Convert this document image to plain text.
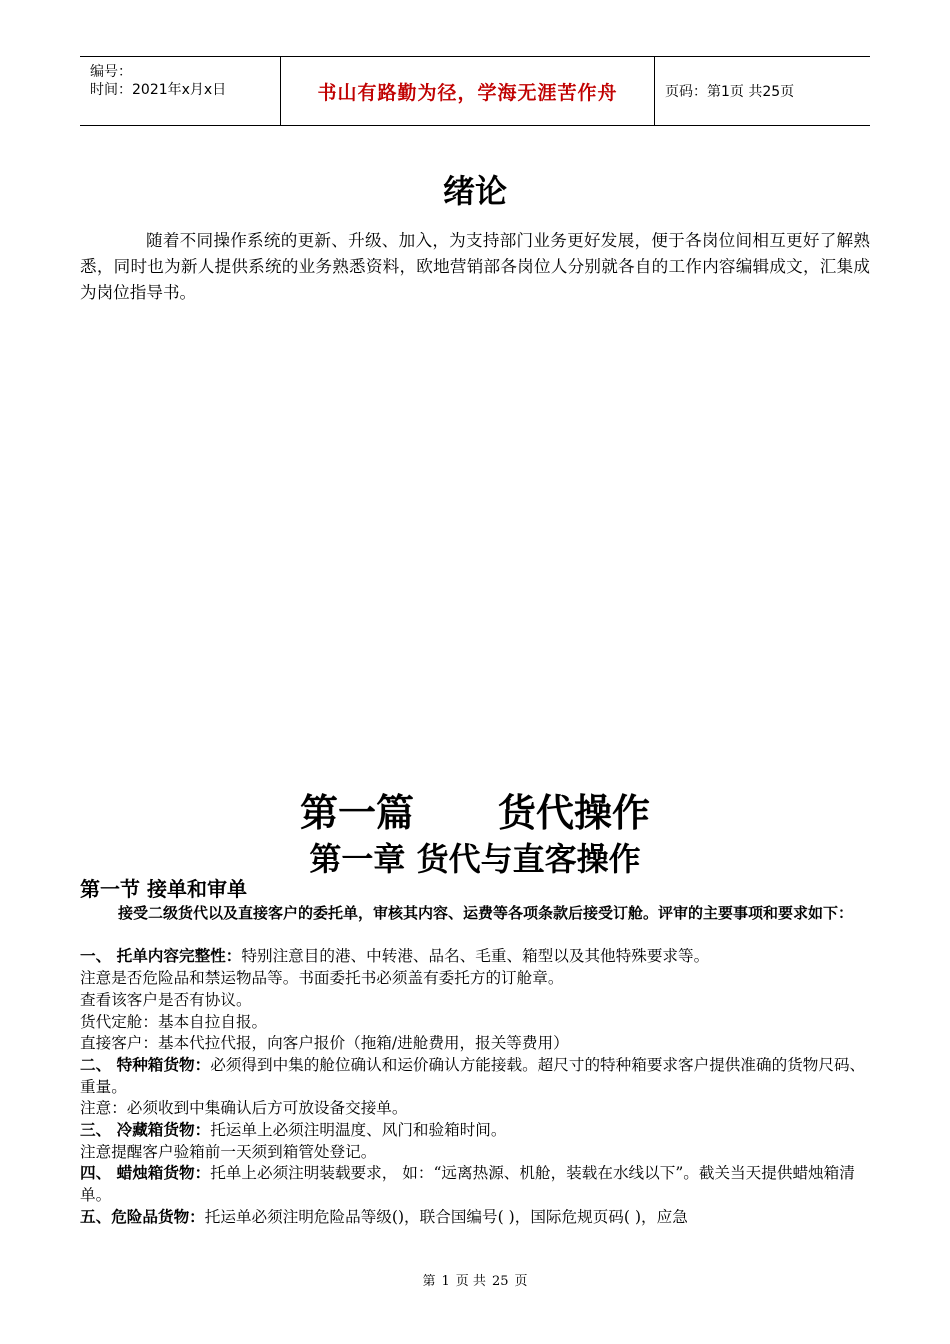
编号：
时间：2021年x月x日	书山有路勤为径，学海无涯苦作舟	页码：第1页 共25页
绪论
随着不同操作系统的更新、升级、加入，为支持部门业务更好发展，便于各岗位间相互更好了解熟悉，同时也为新人提供系统的业务熟悉资料，欧地营销部各岗位人分别就各自的工作内容编辑成文，汇集成为岗位指导书。
第一篇 货代操作
第一章 货代与直客操作
第一节 接单和审单

接受二级货代以及直接客户的委托单，审核其内容、运费等各项条款后接受订舱。评审的主要事项和要求如下：

一、 托单内容完整性：特别注意目的港、中转港、品名、毛重、箱型以及其他特殊要求等。

注意是否危险品和禁运物品等。书面委托书必须盖有委托方的订舱章。

查看该客户是否有协议。

货代定舱：基本自拉自报。

直接客户：基本代拉代报，向客户报价（拖箱/进舱费用，报关等费用）

二、 特种箱货物：必须得到中集的舱位确认和运价确认方能接载。超尺寸的特种箱要求客户提供准确的货物尺码、重量。

注意：必须收到中集确认后方可放设备交接单。

三、 冷藏箱货物：托运单上必须注明温度、风门和验箱时间。

注意提醒客户验箱前一天须到箱管处登记。

四、 蜡烛箱货物：托单上必须注明装载要求， 如：“远离热源、机舱，装载在水线以下”。截关当天提供蜡烛箱清单。

五、危险品货物：托运单必须注明危险品等级()，联合国编号( )，国际危规页码( )，应急

第 1 页 共 25 页
